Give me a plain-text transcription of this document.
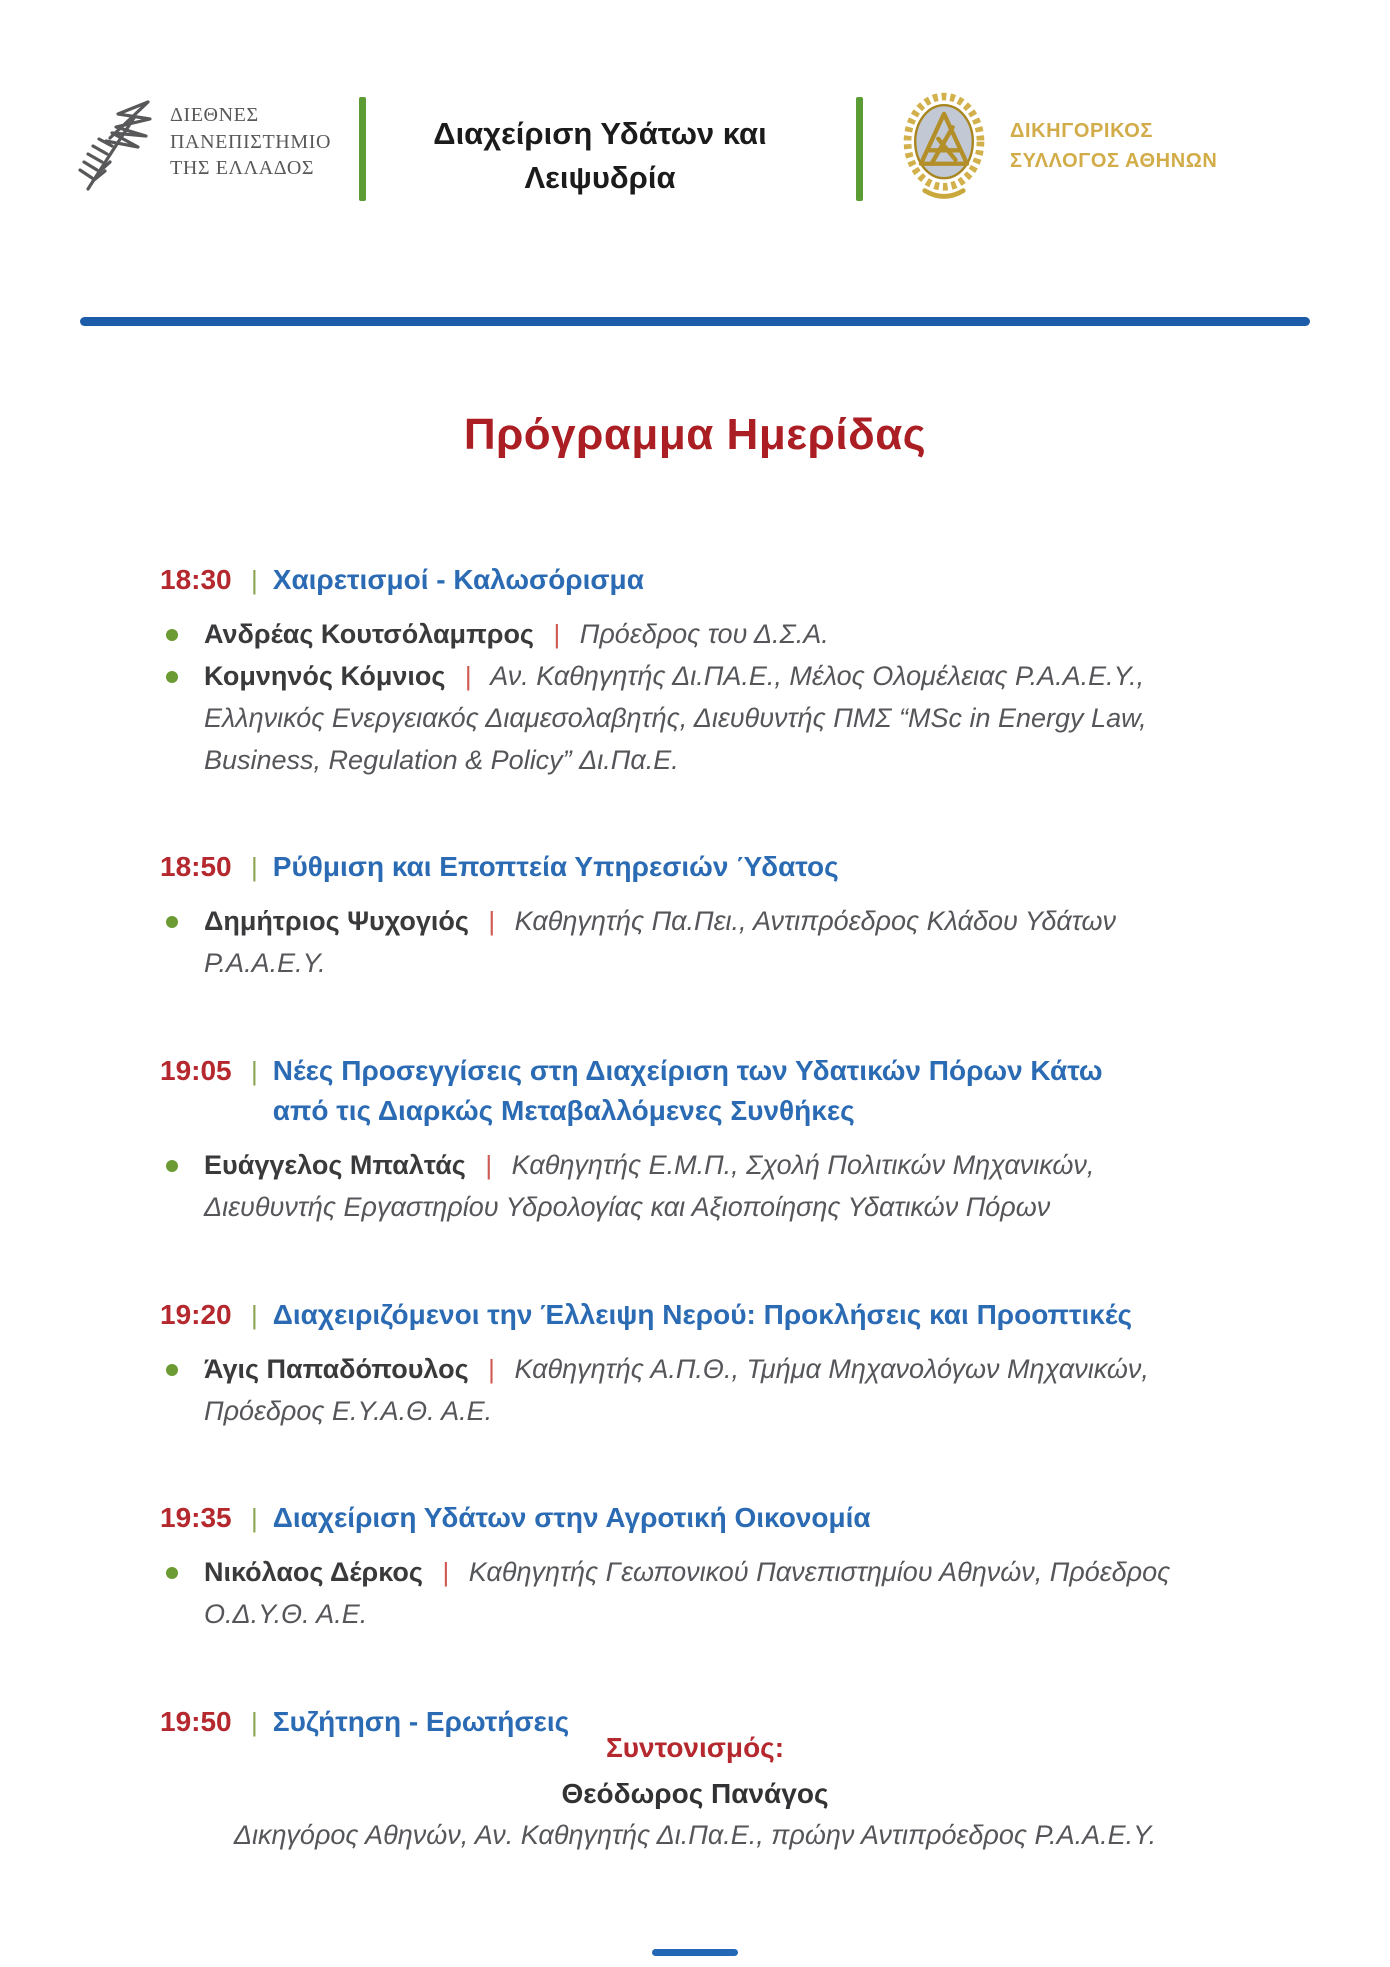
ΔΙΕΘΝΕΣ
ΠΑΝΕΠΙΣΤΗΜΙΟ
ΤΗΣ ΕΛΛΑΔΟΣ
Διαχείριση Υδάτων και Λειψυδρία
ΔΙΚΗΓΟΡΙΚΟΣ
ΣΥΛΛΟΓΟΣ ΑΘΗΝΩΝ
Πρόγραμμα Ημερίδας
18:30 | Χαιρετισμοί - Καλωσόρισμα

Ανδρέας Κουτσόλαμπρος | Πρόεδρος του Δ.Σ.Α.

Κομνηνός Κόμνιος | Αν. Καθηγητής Δι.ΠΑ.Ε., Μέλος Ολομέλειας Ρ.Α.Α.Ε.Υ., Ελληνικός Ενεργειακός Διαμεσολαβητής, Διευθυντής ΠΜΣ “MSc in Energy Law, Business, Regulation & Policy” Δι.Πα.Ε.

18:50 | Ρύθμιση και Εποπτεία Υπηρεσιών Ύδατος

Δημήτριος Ψυχογιός | Καθηγητής Πα.Πει., Αντιπρόεδρος Κλάδου Υδάτων Ρ.Α.Α.Ε.Υ.

19:05 | Νέες Προσεγγίσεις στη Διαχείριση των Υδατικών Πόρων Κάτω από τις Διαρκώς Μεταβαλλόμενες Συνθήκες

Ευάγγελος Μπαλτάς | Καθηγητής Ε.Μ.Π., Σχολή Πολιτικών Μηχανικών, Διευθυντής Εργαστηρίου Υδρολογίας και Αξιοποίησης Υδατικών Πόρων

19:20 | Διαχειριζόμενοι την Έλλειψη Νερού: Προκλήσεις και Προοπτικές

Άγις Παπαδόπουλος | Καθηγητής Α.Π.Θ., Τμήμα Μηχανολόγων Μηχανικών, Πρόεδρος Ε.Υ.Α.Θ. Α.Ε.

19:35 | Διαχείριση Υδάτων στην Αγροτική Οικονομία

Νικόλαος Δέρκος | Καθηγητής Γεωπονικού Πανεπιστημίου Αθηνών, Πρόεδρος Ο.Δ.Υ.Θ. Α.Ε.

19:50 | Συζήτηση - Ερωτήσεις

Συντονισμός:

Θεόδωρος Πανάγος

Δικηγόρος Αθηνών, Αν. Καθηγητής Δι.Πα.Ε., πρώην Αντιπρόεδρος Ρ.Α.Α.Ε.Υ.
